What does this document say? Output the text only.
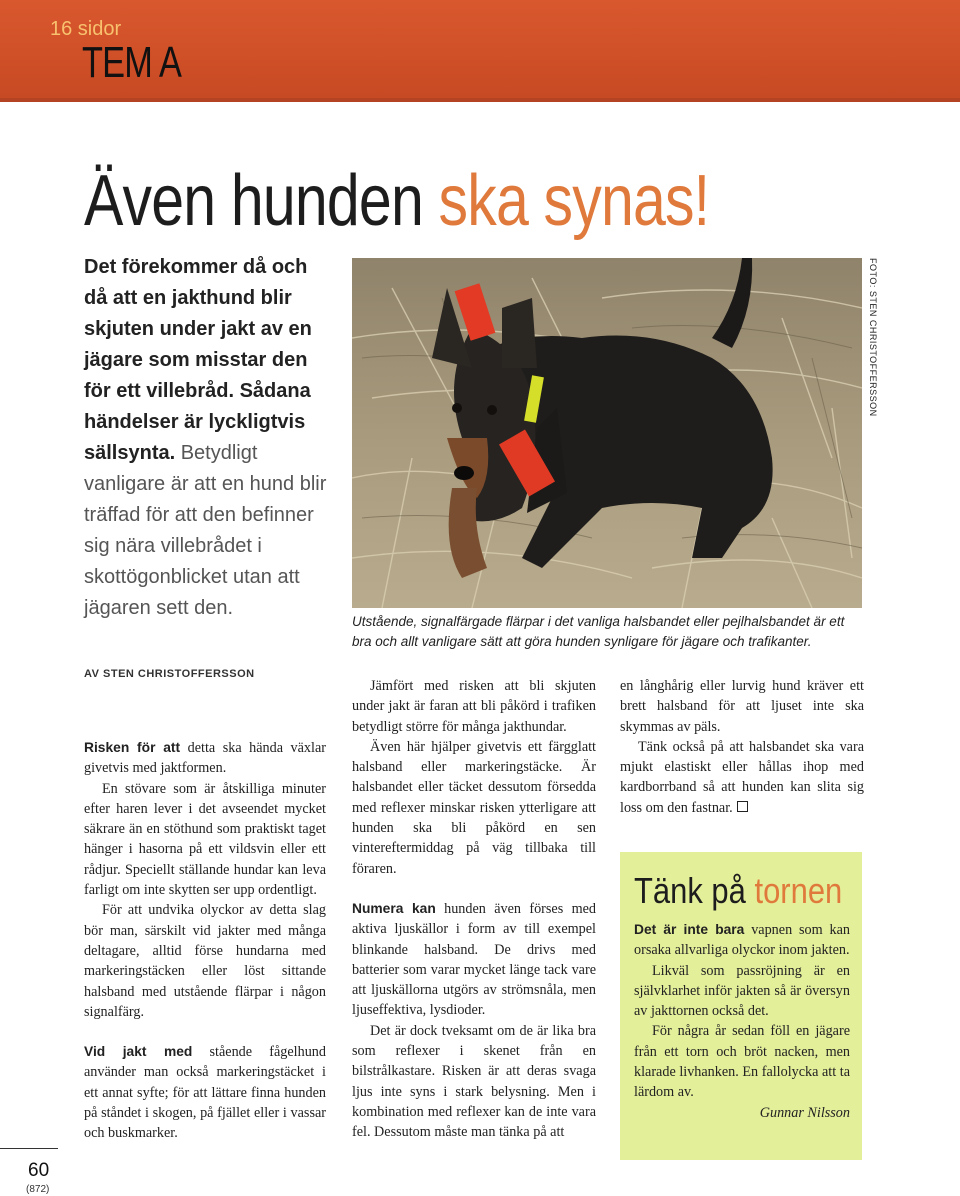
16 sidor
TEM A
Även hunden ska synas!
Det förekommer då och då att en jakthund blir skjuten under jakt av en jägare som misstar den för ett villebråd. Sådana händelser är lyckligtvis sällsynta. Betydligt vanligare är att en hund blir träffad för att den befinner sig nära villebrådet i skottögonblicket utan att jägaren sett den.
FOTO: STEN CHRISTOFFERSSON
Utstående, signalfärgade flärpar i det vanliga halsbandet eller pejlhalsbandet är ett bra och allt vanligare sätt att göra hunden synligare för jägare och trafikanter.
AV STEN CHRISTOFFERSSON

Risken för att detta ska hända växlar givetvis med jaktformen.

En stövare som är åtskilliga minuter efter haren lever i det avseendet mycket säkrare än en stöthund som praktiskt taget hänger i hasorna på ett vildsvin eller ett rådjur. Speciellt ställande hundar kan leva farligt om inte skytten ser upp ordentligt.

För att undvika olyckor av detta slag bör man, särskilt vid jakter med många deltagare, alltid förse hundarna med markeringstäcken eller löst sittande halsband med utstående flärpar i någon signalfärg.

Vid jakt med stående fågelhund använder man också markeringstäcket i ett annat syfte; för att lättare finna hunden på ståndet i skogen, på fjället eller i vassar och buskmarker.

Jämfört med risken att bli skjuten under jakt är faran att bli påkörd i trafiken betydligt större för många jakthundar.

Även här hjälper givetvis ett färgglatt halsband eller markeringstäcke. Är halsbandet eller täcket dessutom försedda med reflexer minskar risken ytterligare att hunden ska bli påkörd en sen vintereftermiddag på väg tillbaka till föraren.

Numera kan hunden även förses med aktiva ljuskällor i form av till exempel blinkande halsband. De drivs med batterier som varar mycket länge tack vare att ljuskällorna utgörs av strömsnåla, men ljuseffektiva, lysdioder.

Det är dock tveksamt om de är lika bra som reflexer i skenet från en bilstrålkastare. Risken är att deras svaga ljus inte syns i stark belysning. Men i kombination med reflexer kan de inte vara fel. Dessutom måste man tänka på att

en långhårig eller lurvig hund kräver ett brett halsband för att ljuset inte ska skymmas av päls.

Tänk också på att halsbandet ska vara mjukt elastiskt eller hållas ihop med kardborrband så att hunden kan slita sig loss om den fastnar.

Tänk på tornen

Det är inte bara vapnen som kan orsaka allvarliga olyckor inom jakten.

Likväl som passröjning är en självklarhet inför jakten så är översyn av jakttornen också det.

För några år sedan föll en jägare från ett torn och bröt nacken, men klarade livhanken. En fallolycka att ta lärdom av.

Gunnar Nilsson

60
(872)
